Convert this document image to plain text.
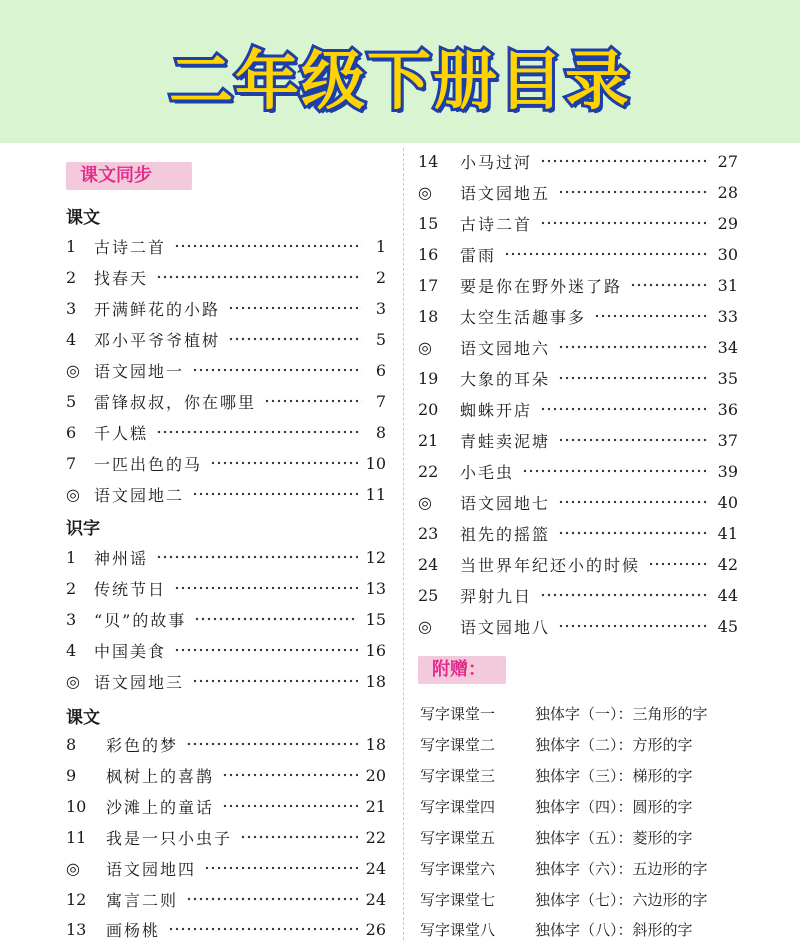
二年级下册目录
课文同步
课文
1	古诗二首	1
2	找春天	2
3	开满鲜花的小路	3
4	邓小平爷爷植树	5
◎ 语文园地一	6
5	雷锋叔叔，你在哪里	7
6	千人糕	8
7	一匹出色的马	10
◎ 语文园地二	11
识字
1	神州谣	12
2	传统节日	13
3	“贝”的故事	15
4	中国美食	16
◎ 语文园地三	18
课文
8	彩色的梦	18
9	枫树上的喜鹊	20
10	沙滩上的童话	21
11	我是一只小虫子	22
◎	语文园地四	24
12	寓言二则	24
13	画杨桃	26
14	小马过河	27
◎	语文园地五	28
15	古诗二首	29
16	雷雨	30
17	要是你在野外迷了路	31
18	太空生活趣事多	33
◎	语文园地六	34
19	大象的耳朵	35
20	蜘蛛开店	36
21	青蛙卖泥塘	37
22	小毛虫	39
◎	语文园地七	40
23	祖先的摇篮	41
24	当世界年纪还小的时候	42
25	羿射九日	44
◎	语文园地八	45
附赠：
写字课堂一	独体字（一）：三角形的字
写字课堂二	独体字（二）：方形的字
写字课堂三	独体字（三）：梯形的字
写字课堂四	独体字（四）：圆形的字
写字课堂五	独体字（五）：菱形的字
写字课堂六	独体字（六）：五边形的字
写字课堂七	独体字（七）：六边形的字
写字课堂八	独体字（八）：斜形的字
